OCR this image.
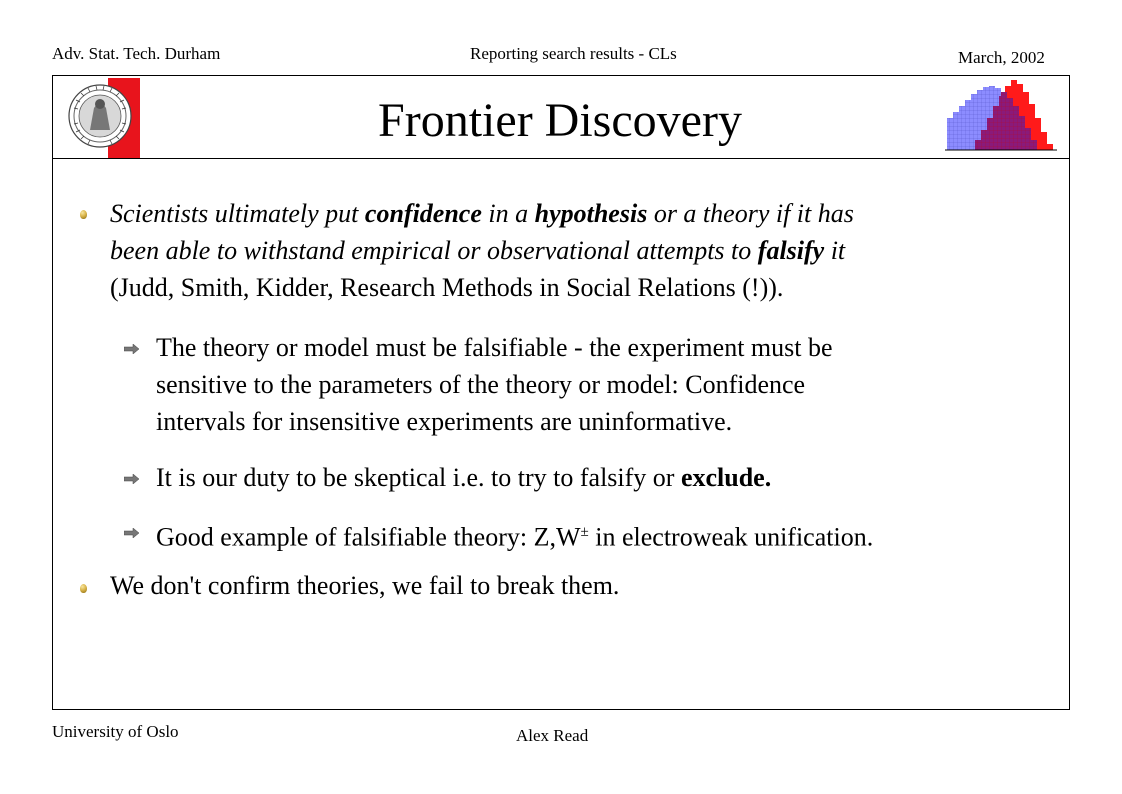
Adv. Stat. Tech. Durham	Reporting search results - CLs	March, 2002
Frontier Discovery
Scientists ultimately put confidence in a hypothesis or a theory if it has
been able to withstand empirical or observational attempts to falsify it
(Judd, Smith, Kidder, Research Methods in Social Relations (!)).
The theory or model must be falsifiable - the experiment must be
sensitive to the parameters of the theory or model: Confidence
intervals for insensitive experiments are uninformative.
It is our duty to be skeptical i.e. to try to falsify or exclude.
Good example of falsifiable theory: Z,W± in electroweak unification.
We don't confirm theories, we fail to break them.
University of Oslo	Alex Read
